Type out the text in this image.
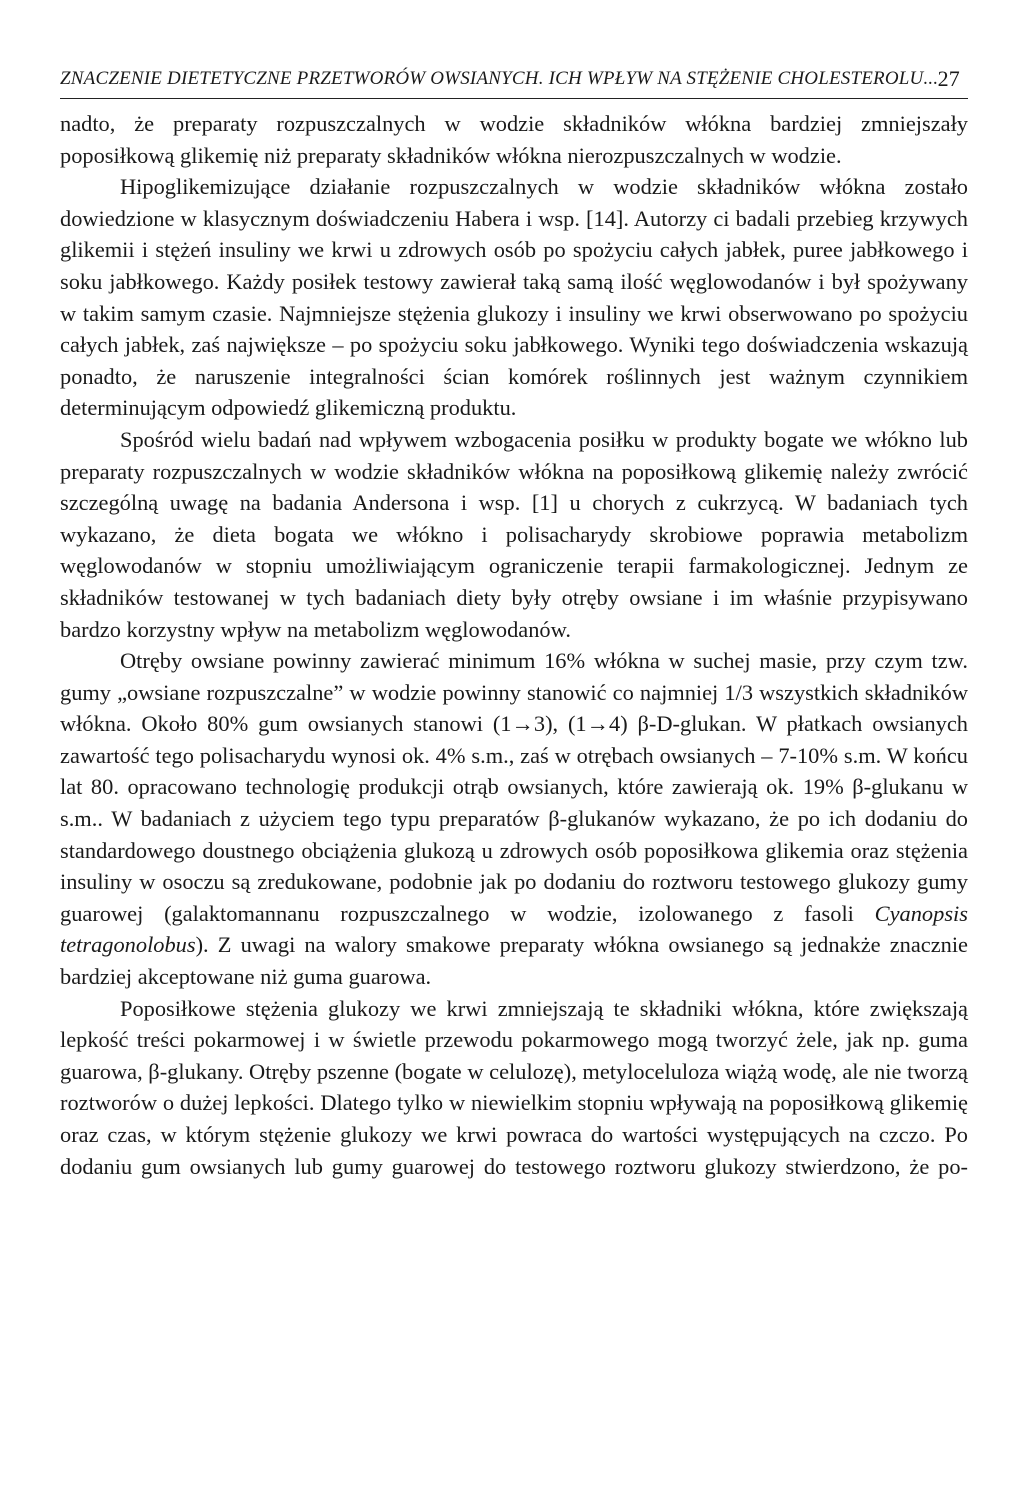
ZNACZENIE DIETETYCZNE PRZETWORÓW OWSIANYCH. ICH WPŁYW NA STĘŻENIE CHOLESTEROLU... 27

nadto, że preparaty rozpuszczalnych w wodzie składników włókna bardziej zmniejszały poposiłkową glikemię niż preparaty składników włókna nierozpuszczalnych w wodzie.

Hipoglikemizujące działanie rozpuszczalnych w wodzie składników włókna zostało dowiedzione w klasycznym doświadczeniu Habera i wsp. [14]. Autorzy ci badali przebieg krzywych glikemii i stężeń insuliny we krwi u zdrowych osób po spożyciu całych jabłek, puree jabłkowego i soku jabłkowego. Każdy posiłek testowy zawierał taką samą ilość węglowodanów i był spożywany w takim samym czasie. Najmniejsze stężenia glukozy i insuliny we krwi obserwowano po spożyciu całych jabłek, zaś największe – po spożyciu soku jabłkowego. Wyniki tego doświadczenia wskazują ponadto, że naruszenie integralności ścian komórek roślinnych jest ważnym czynnikiem determinującym odpowiedź glikemiczną produktu.

Spośród wielu badań nad wpływem wzbogacenia posiłku w produkty bogate we włókno lub preparaty rozpuszczalnych w wodzie składników włókna na poposiłkową glikemię należy zwrócić szczególną uwagę na badania Andersona i wsp. [1] u chorych z cukrzycą. W badaniach tych wykazano, że dieta bogata we włókno i polisacharydy skrobiowe poprawia metabolizm węglowodanów w stopniu umożliwiającym ograniczenie terapii farmakologicznej. Jednym ze składników testowanej w tych badaniach diety były otręby owsiane i im właśnie przypisywano bardzo korzystny wpływ na metabolizm węglowodanów.

Otręby owsiane powinny zawierać minimum 16% włókna w suchej masie, przy czym tzw. gumy „owsiane rozpuszczalne” w wodzie powinny stanowić co najmniej 1/3 wszystkich składników włókna. Około 80% gum owsianych stanowi (1→3), (1→4) β-D-glukan. W płatkach owsianych zawartość tego polisacharydu wynosi ok. 4% s.m., zaś w otrębach owsianych – 7-10% s.m. W końcu lat 80. opracowano technologię produkcji otrąb owsianych, które zawierają ok. 19% β-glukanu w s.m.. W badaniach z użyciem tego typu preparatów β-glukanów wykazano, że po ich dodaniu do standardowego doustnego obciążenia glukozą u zdrowych osób poposiłkowa glikemia oraz stężenia insuliny w osoczu są zredukowane, podobnie jak po dodaniu do roztworu testowego glukozy gumy guarowej (galaktomannanu rozpuszczalnego w wodzie, izolowanego z fasoli Cyanopsis tetragonolobus). Z uwagi na walory smakowe preparaty włókna owsianego są jednakże znacznie bardziej akceptowane niż guma guarowa.

Poposiłkowe stężenia glukozy we krwi zmniejszają te składniki włókna, które zwiększają lepkość treści pokarmowej i w świetle przewodu pokarmowego mogą tworzyć żele, jak np. guma guarowa, β-glukany. Otręby pszenne (bogate w celulozę), metyloceluloza wiążą wodę, ale nie tworzą roztworów o dużej lepkości. Dlatego tylko w niewielkim stopniu wpływają na poposiłkową glikemię oraz czas, w którym stężenie glukozy we krwi powraca do wartości występujących na czczo. Po dodaniu gum owsianych lub gumy guarowej do testowego roztworu glukozy stwierdzono, że po-
